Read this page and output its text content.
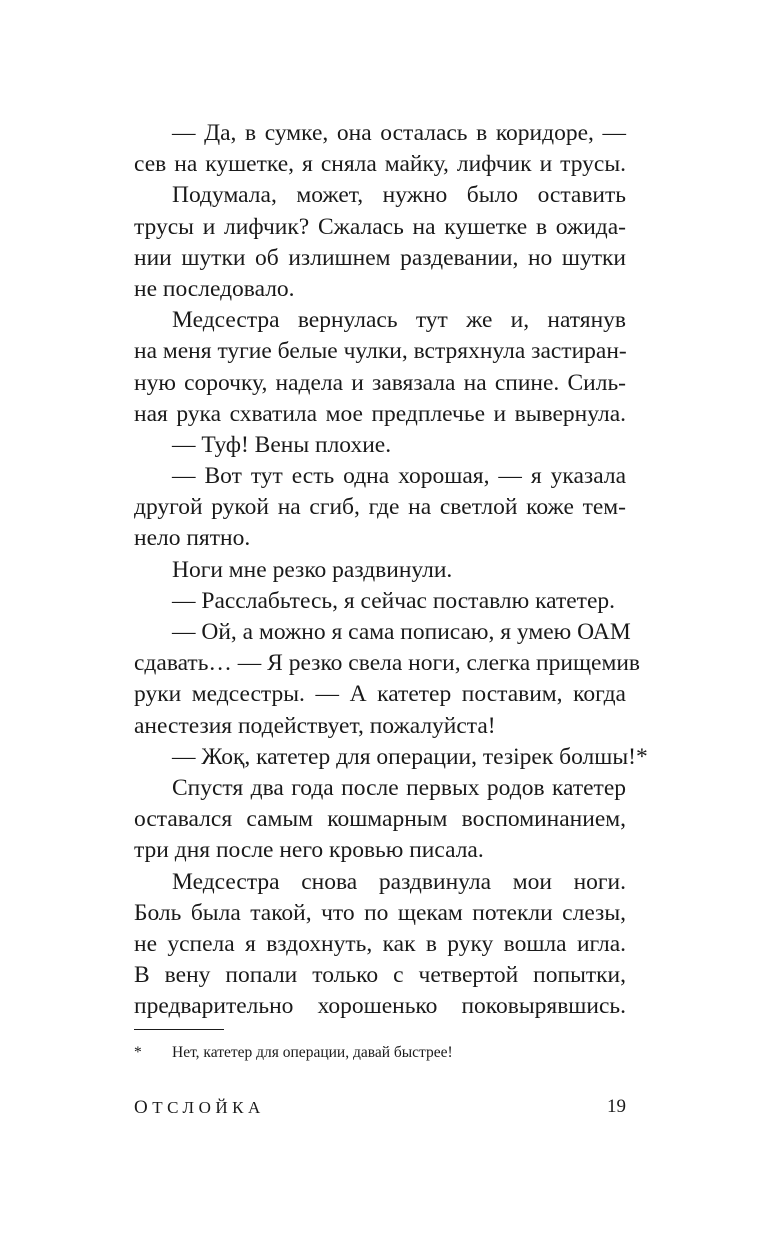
— Да, в сумке, она осталась в коридоре, —

сев на кушетке, я сняла майку, лифчик и трусы.

Подумала, может, нужно было оставить

трусы и лифчик? Сжалась на кушетке в ожида-

нии шутки об излишнем раздевании, но шутки

не последовало.

Медсестра вернулась тут же и, натянув

на меня тугие белые чулки, встряхнула застиран-

ную сорочку, надела и завязала на спине. Силь-

ная рука схватила мое предплечье и вывернула.

— Туф! Вены плохие.

— Вот тут есть одна хорошая, — я указала

другой рукой на сгиб, где на светлой коже тем-

нело пятно.

Ноги мне резко раздвинули.

— Расслабьтесь, я сейчас поставлю катетер.

— Ой, а можно я сама пописаю, я умею ОАМ

сдавать… — Я резко свела ноги, слегка прищемив

руки медсестры. — А катетер поставим, когда

анестезия подействует, пожалуйста!

— Жоқ, катетер для операции, тезірек болшы!*

Спустя два года после первых родов катетер

оставался самым кошмарным воспоминанием,

три дня после него кровью писала.

Медсестра снова раздвинула мои ноги.

Боль была такой, что по щекам потекли слезы,

не успела я вздохнуть, как в руку вошла игла.

В вену попали только с четвертой попытки,

предварительно хорошенько поковырявшись.

* Нет, катетер для операции, давай быстрее!
ОТСЛОЙКА	19
